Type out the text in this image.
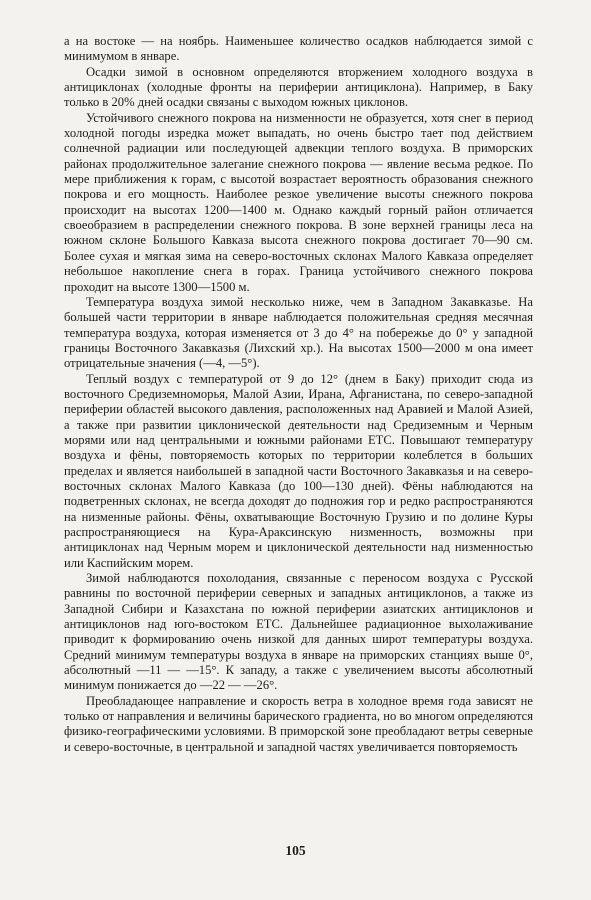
а на востоке — на ноябрь. Наименьшее количество осадков наблюдается зимой с минимумом в январе.

Осадки зимой в основном определяются вторжением холодного воздуха в антициклонах (холодные фронты на периферии антициклона). Например, в Баку только в 20% дней осадки связаны с выходом южных циклонов.

Устойчивого снежного покрова на низменности не образуется, хотя снег в период холодной погоды изредка может выпадать, но очень быстро тает под действием солнечной радиации или последующей адвекции теплого воздуха. В приморских районах продолжительное залегание снежного покрова — явление весьма редкое. По мере приближения к горам, с высотой возрастает вероятность образования снежного покрова и его мощность. Наиболее резкое увеличение высоты снежного покрова происходит на высотах 1200—1400 м. Однако каждый горный район отличается своеобразием в распределении снежного покрова. В зоне верхней границы леса на южном склоне Большого Кавказа высота снежного покрова достигает 70—90 см. Более сухая и мягкая зима на северо-восточных склонах Малого Кавказа определяет небольшое накопление снега в горах. Граница устойчивого снежного покрова проходит на высоте 1300—1500 м.

Температура воздуха зимой несколько ниже, чем в Западном Закавказье. На большей части территории в январе наблюдается положительная средняя месячная температура воздуха, которая изменяется от 3 до 4° на побережье до 0° у западной границы Восточного Закавказья (Лихский хр.). На высотах 1500—2000 м она имеет отрицательные значения (—4, —5°).

Теплый воздух с температурой от 9 до 12° (днем в Баку) приходит сюда из восточного Средиземноморья, Малой Азии, Ирана, Афганистана, по северо-западной периферии областей высокого давления, расположенных над Аравией и Малой Азией, а также при развитии циклонической деятельности над Средиземным и Черным морями или над центральными и южными районами ЕТС. Повышают температуру воздуха и фёны, повторяемость которых по территории колеблется в больших пределах и является наибольшей в западной части Восточного Закавказья и на северо-восточных склонах Малого Кавказа (до 100—130 дней). Фёны наблюдаются на подветренных склонах, не всегда доходят до подножия гор и редко распространяются на низменные районы. Фёны, охватывающие Восточную Грузию и по долине Куры распространяющиеся на Кура-Араксинскую низменность, возможны при антициклонах над Черным морем и циклонической деятельности над низменностью или Каспийским морем.

Зимой наблюдаются похолодания, связанные с переносом воздуха с Русской равнины по восточной периферии северных и западных антициклонов, а также из Западной Сибири и Казахстана по южной периферии азиатских антициклонов и антициклонов над юго-востоком ЕТС. Дальнейшее радиационное выхолаживание приводит к формированию очень низкой для данных широт температуры воздуха. Средний минимум температуры воздуха в январе на приморских станциях выше 0°, абсолютный —11 — —15°. К западу, а также с увеличением высоты абсолютный минимум понижается до —22 — —26°.

Преобладающее направление и скорость ветра в холодное время года зависят не только от направления и величины барического градиента, но во многом определяются физико-географическими условиями. В приморской зоне преобладают ветры северные и северо-восточные, в центральной и западной частях увеличивается повторяемость

105
